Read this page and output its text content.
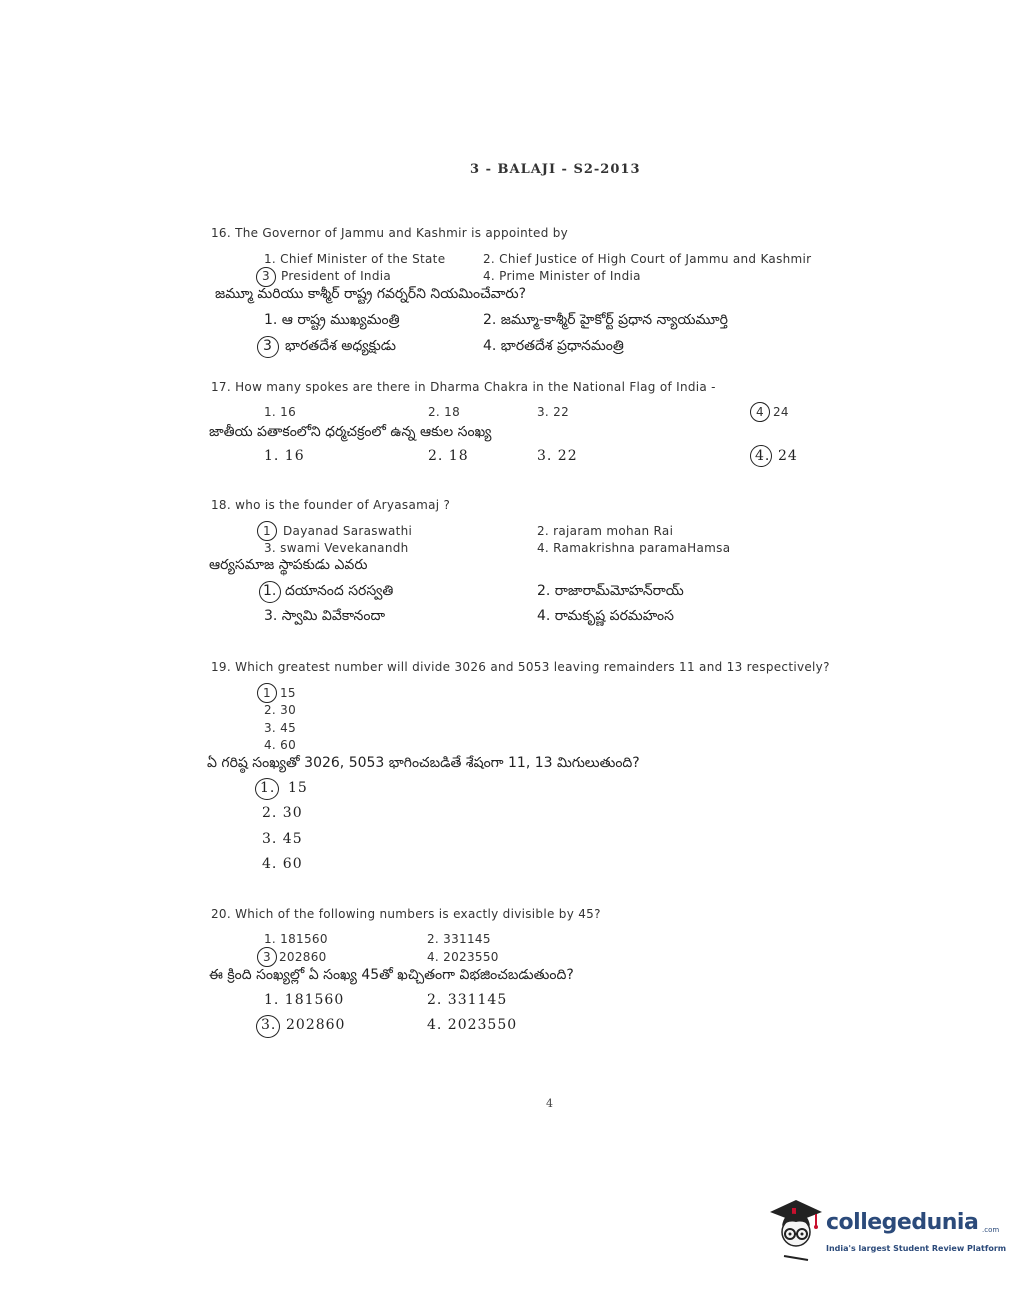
3 - BALAJI - S2-2013
16. The Governor of Jammu and Kashmir is appointed by
1. Chief Minister of the State	2. Chief Justice of High Court of Jammu and Kashmir
3 President of India	4. Prime Minister of India
జమ్మూ మరియు కాశ్మీర్ రాష్ట్ర గవర్నర్‌ని నియమించేవారు?
1. ఆ రాష్ట్ర ముఖ్యమంత్రి	2. జమ్మూ-కాశ్మీర్ హైకోర్ట్ ప్రధాన న్యాయమూర్తి
3 భారతదేశ అధ్యక్షుడు	4. భారతదేశ ప్రధానమంత్రి
17. How many spokes are there in Dharma Chakra in the National Flag of India -
1. 16	2. 18	3. 22	4 24
జాతీయ పతాకంలోని ధర్మచక్రంలో ఉన్న ఆకుల సంఖ్య
1. 16	2. 18	3. 22	4. 24
18. who is the founder of Aryasamaj ?
1 Dayanad Saraswathi	2. rajaram mohan Rai
3. swami Vevekanandh	4. Ramakrishna paramaHamsa
ఆర్యసమాజ స్థాపకుడు ఎవరు
1. దయానంద సరస్వతి	2. రాజారామ్‌మోహన్‌రాయ్
3. స్వామి వివేకానందా	4. రామకృష్ణ పరమహంస
19. Which greatest number will divide 3026 and 5053 leaving remainders 11 and 13 respectively?
1 15
2. 30
3. 45
4. 60
ఏ గరిష్ఠ సంఖ్యతో 3026, 5053 భాగించబడితే శేషంగా 11, 13 మిగులుతుంది?
1. 15
2. 30
3. 45
4. 60
20. Which of the following numbers is exactly divisible by 45?
1. 181560	2. 331145
3 202860	4. 2023550
ఈ క్రింది సంఖ్యల్లో ఏ సంఖ్య 45తో ఖచ్చితంగా విభజించబడుతుంది?
1. 181560	2. 331145
3. 202860	4. 2023550
4
collegedunia .com
India's largest Student Review Platform
